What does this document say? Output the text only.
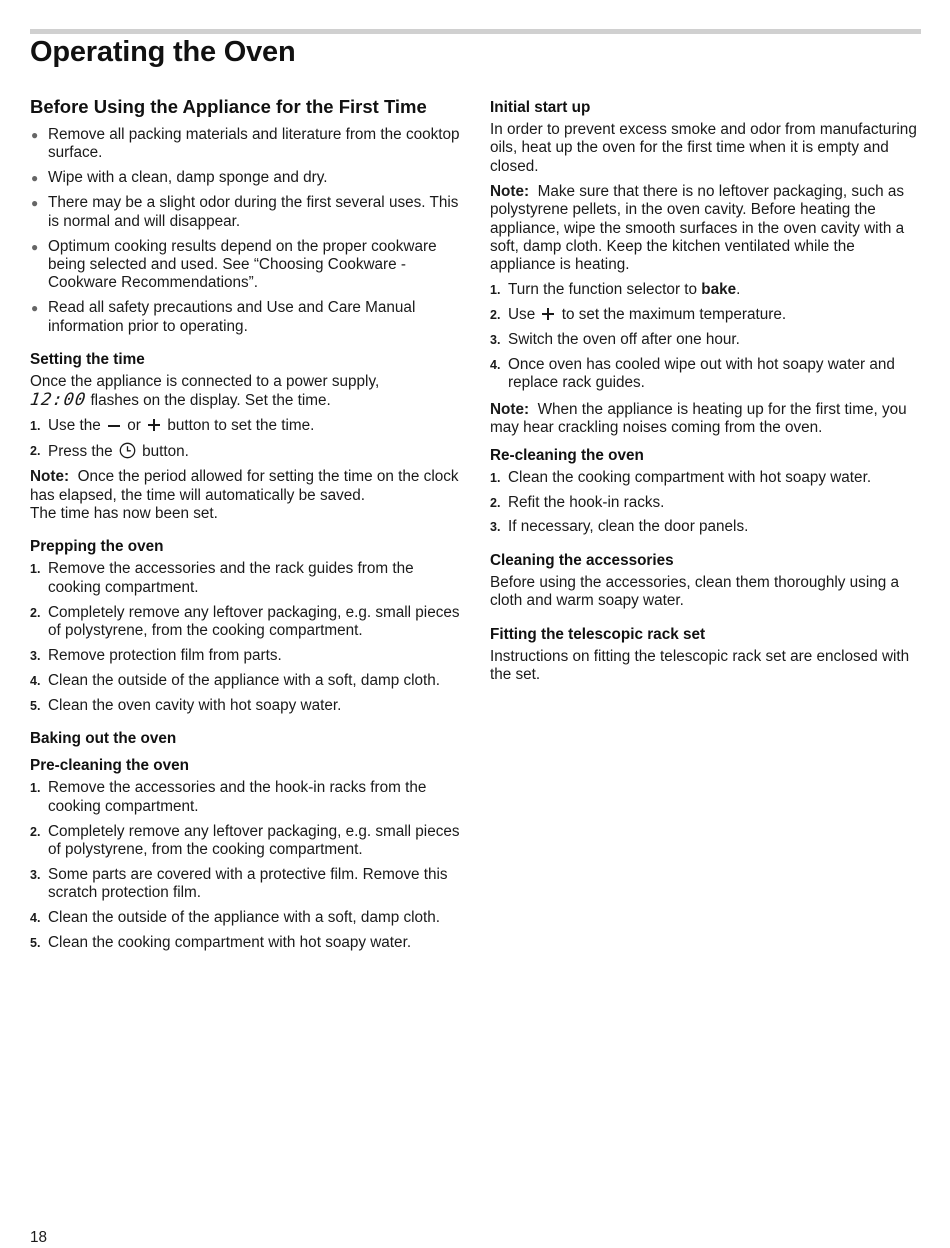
Operating the Oven
Before Using the Appliance for the First Time
● Remove all packing materials and literature from the cooktop surface.
● Wipe with a clean, damp sponge and dry.
● There may be a slight odor during the first several uses. This is normal and will disappear.
● Optimum cooking results depend on the proper cookware being selected and used. See “Choosing Cookware - Cookware Recommendations”.
● Read all safety precautions and Use and Care Manual information prior to operating.
Setting the time

Once the appliance is connected to a power supply,
12:00 flashes on the display. Set the time.

1. Use the or button to set the time.
2. Press the button.

Note: Once the period allowed for setting the time on the clock has elapsed, the time will automatically be saved.

The time has now been set.

Prepping the oven
1. Remove the accessories and the rack guides from the cooking compartment.
2. Completely remove any leftover packaging, e.g. small pieces of polystyrene, from the cooking compartment.
3. Remove protection film from parts.
4. Clean the outside of the appliance with a soft, damp cloth.
5. Clean the oven cavity with hot soapy water.
Baking out the oven
Pre-cleaning the oven
1. Remove the accessories and the hook-in racks from the cooking compartment.
2. Completely remove any leftover packaging, e.g. small pieces of polystyrene, from the cooking compartment.
3. Some parts are covered with a protective film. Remove this scratch protection film.
4. Clean the outside of the appliance with a soft, damp cloth.
5. Clean the cooking compartment with hot soapy water.
Initial start up

In order to prevent excess smoke and odor from manufacturing oils, heat up the oven for the first time when it is empty and closed.

Note: Make sure that there is no leftover packaging, such as polystyrene pellets, in the oven cavity. Before heating the appliance, wipe the smooth surfaces in the oven cavity with a soft, damp cloth. Keep the kitchen ventilated while the appliance is heating.

1. Turn the function selector to bake.
2. Use to set the maximum temperature.
3. Switch the oven off after one hour.
4. Once oven has cooled wipe out with hot soapy water and replace rack guides.

Note: When the appliance is heating up for the first time, you may hear crackling noises coming from the oven.

Re-cleaning the oven
1. Clean the cooking compartment with hot soapy water.
2. Refit the hook-in racks.
3. If necessary, clean the door panels.
Cleaning the accessories

Before using the accessories, clean them thoroughly using a cloth and warm soapy water.

Fitting the telescopic rack set

Instructions on fitting the telescopic rack set are enclosed with the set.

18
